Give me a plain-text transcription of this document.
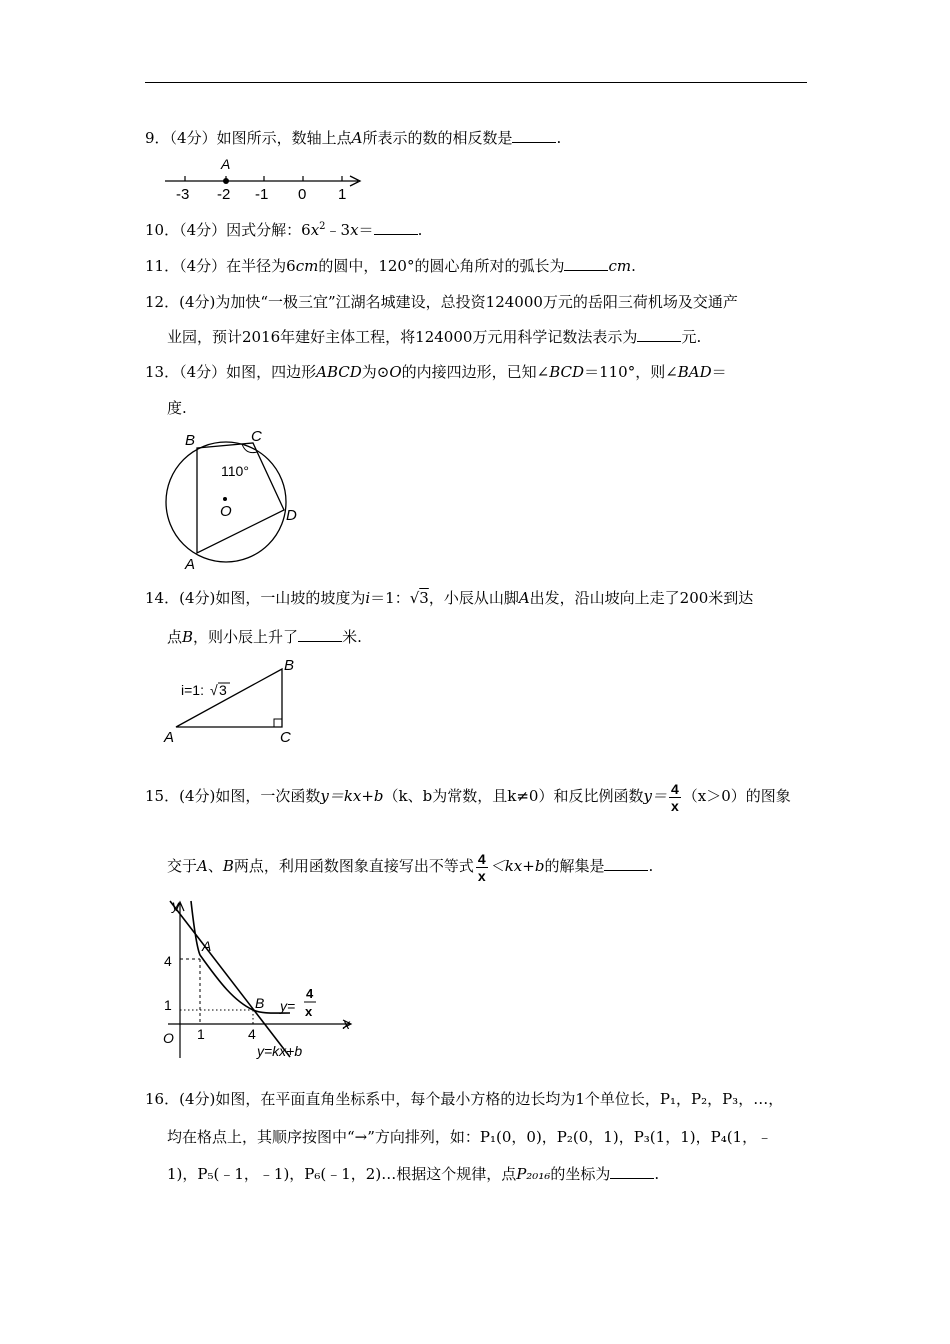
9．（4分）如图所示，数轴上点A所表示的数的相反数是	.
A
-3 -2 -1 0 1
10．（4分）因式分解：$6x^2﹣3x=$	.
11．（4分）在半径为6cm的圆中，120°的圆心角所对的弧长为	cm.
12．(4分)为加快“一极三宜”江湖名城建设，总投资124000万元的岳阳三荷机场及交通产
业园，预计2016年建好主体工程，将124000万元用科学记数法表示为	元.
13．（4分）如图，四边形ABCD为⊙O的内接四边形，已知∠BCD＝110°，则∠BAD＝
度.
B	C
D
A
O
110°
14．(4分)如图，一山坡的坡度为i＝1：√3，小辰从山脚A出发，沿山坡向上走了200米到达
点B，则小辰上升了	米.
i=1: √ 3
A
B
C
15．(4分)如图，一次函数y＝kx+b（k、b为常数，且k≠0）和反比例函数$y= \frac{4}{x} (x>0)$的图象
交于A、B两点，利用函数图象直接写出不等式 $\frac{4}{x} <kx+b$的解集是	.
y
x
O
4
1
1	4
A
B y=
4
x
y=kx+b
16．(4分)如图，在平面直角坐标系中，每个最小方格的边长均为1个单位长，P₁，P₂，P₃，…，
均在格点上，其顺序按图中“→”方向排列，如：P₁(0，0)，P₂(0，1)，P₃(1，1)，P₄(1，﹣
1)，P₅(﹣1，﹣1)，P₆(﹣1，2)…根据这个规律，点P₂₀₁₆的坐标为	.
